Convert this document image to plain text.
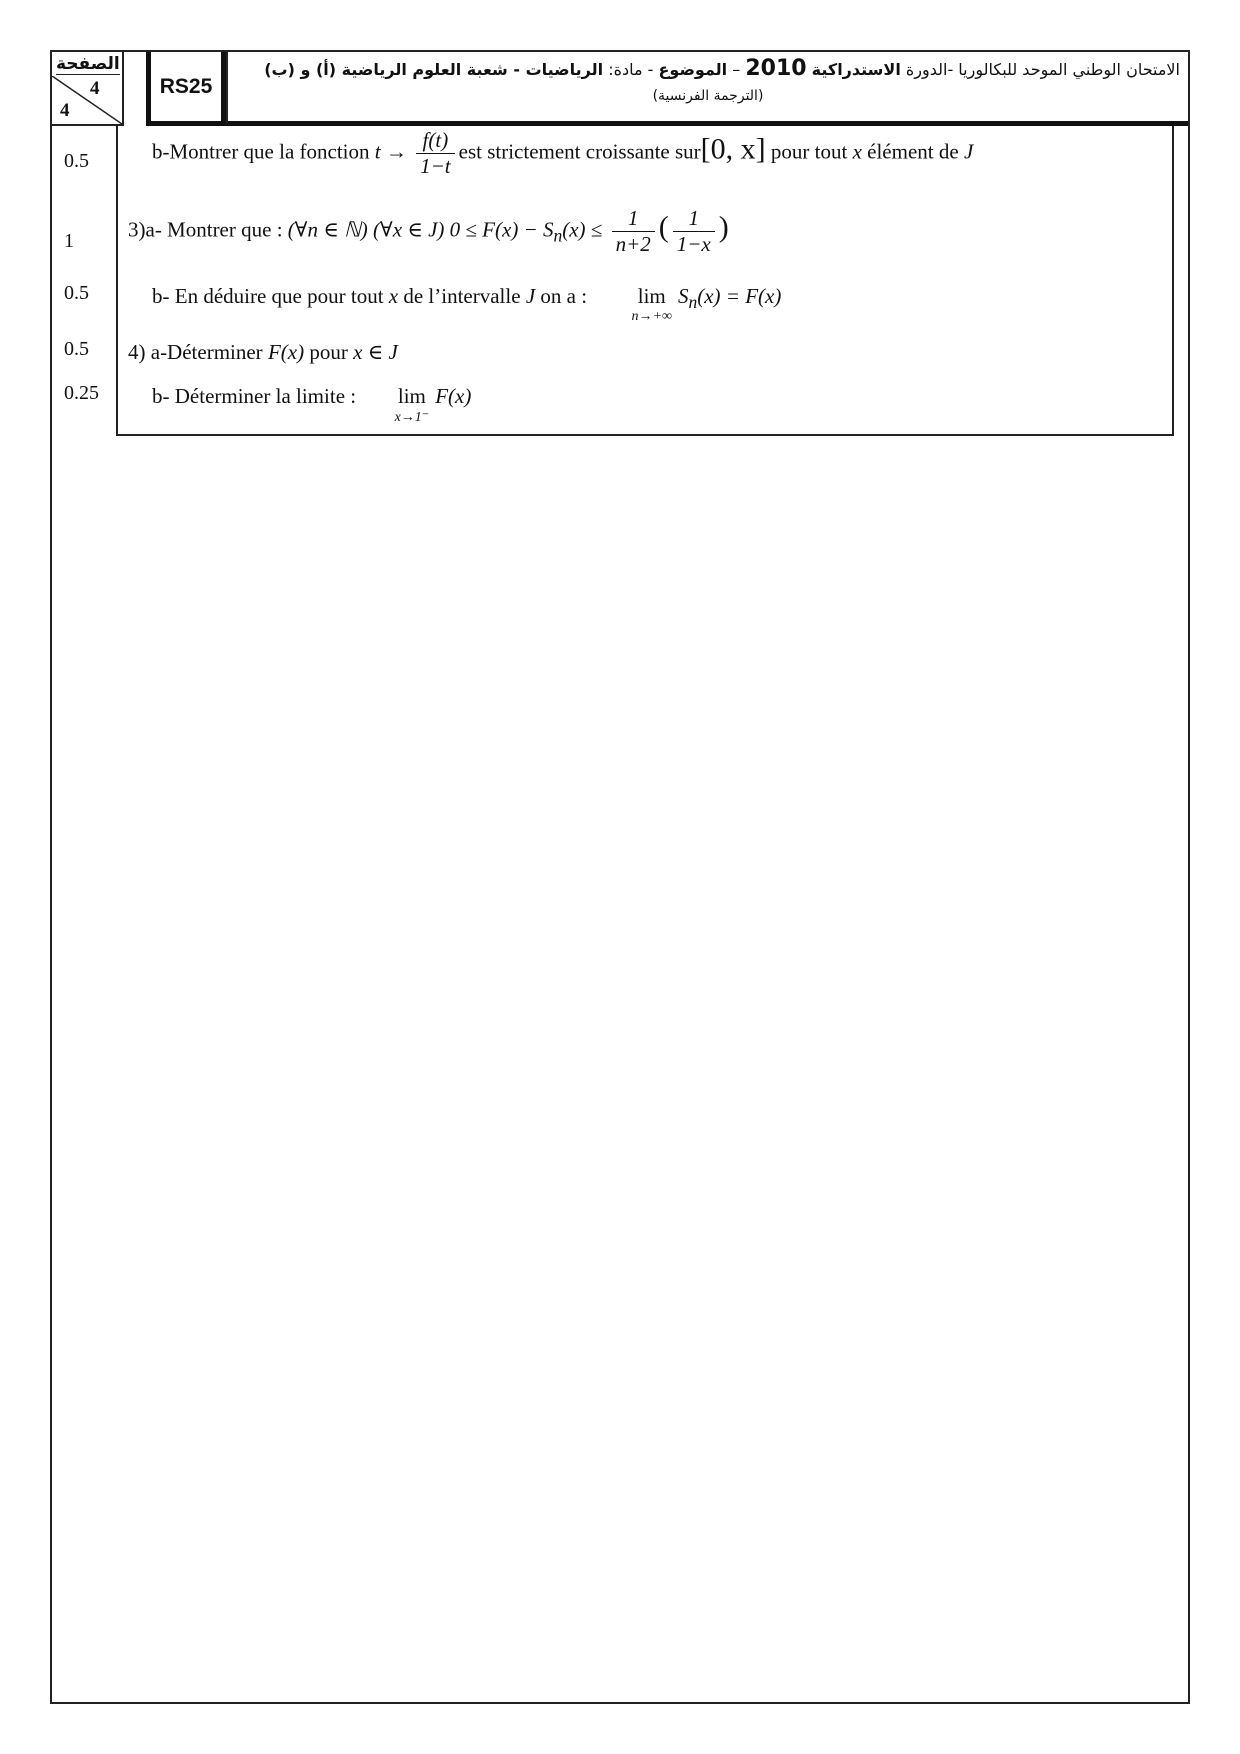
الصفحة
4
4
RS25
الامتحان الوطني الموحد للبكالوريا -الدورة الاستدراكية 2010 – الموضوع - مادة: الرياضيات - شعبة العلوم الرياضية (أ) و (ب)
(الترجمة الفرنسية)
0.5
1
0.5
0.5
0.25
b-Montrer que la fonction $t \to \frac{f(t)}{1-t}$ est strictement croissante sur[0, x] pour tout x élément de J
3)a- Montrer que : (∀n ∈ ℕ) (∀x ∈ J) $0 \le F(x) - S_n(x) \le \frac{1}{n+2}$ ( $\frac{1}{1-x}$ )
b- En déduire que pour tout x de l’intervalle J on a : lim
n→+∞
$S_n(x) = F(x)$
4) a-Déterminer F(x) pour x ∈ J
b- Déterminer la limite : lim
x→1⁻
F(x)
